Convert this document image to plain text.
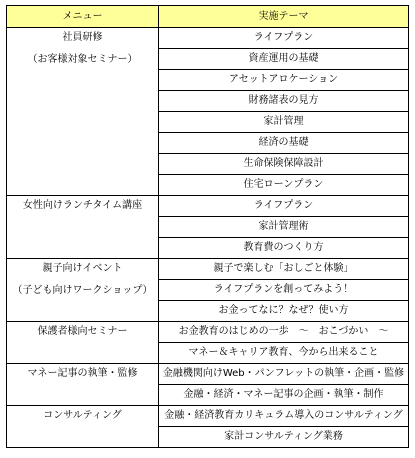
メニュー	実施テーマ

社員研修
（お客様対象セミナー）	ライフプラン
	資産運用の基礎
	アセットアロケーション
	財務諸表の見方
	家計管理
	経済の基礎
	生命保険保障設計
	住宅ローンプラン

女性向けランチタイム講座	ライフプラン
	家計管理術
	教育費のつくり方

親子向けイベント
（子ども向けワークショップ）	親子で楽しむ「おしごと体験」
	ライフプランを創ってみよう！
	お金ってなに？なぜ？使い方

保護者様向セミナー	お金教育のはじめの一歩　～　おこづかい　～
	マネー＆キャリア教育、今から出来ること

マネー記事の執筆・監修	金融機関向けWeb・パンフレットの執筆・企画・監修
	金融・経済・マネー記事の企画・執筆・制作

コンサルティング	金融・経済教育カリキュラム導入のコンサルティング
	家計コンサルティング業務
